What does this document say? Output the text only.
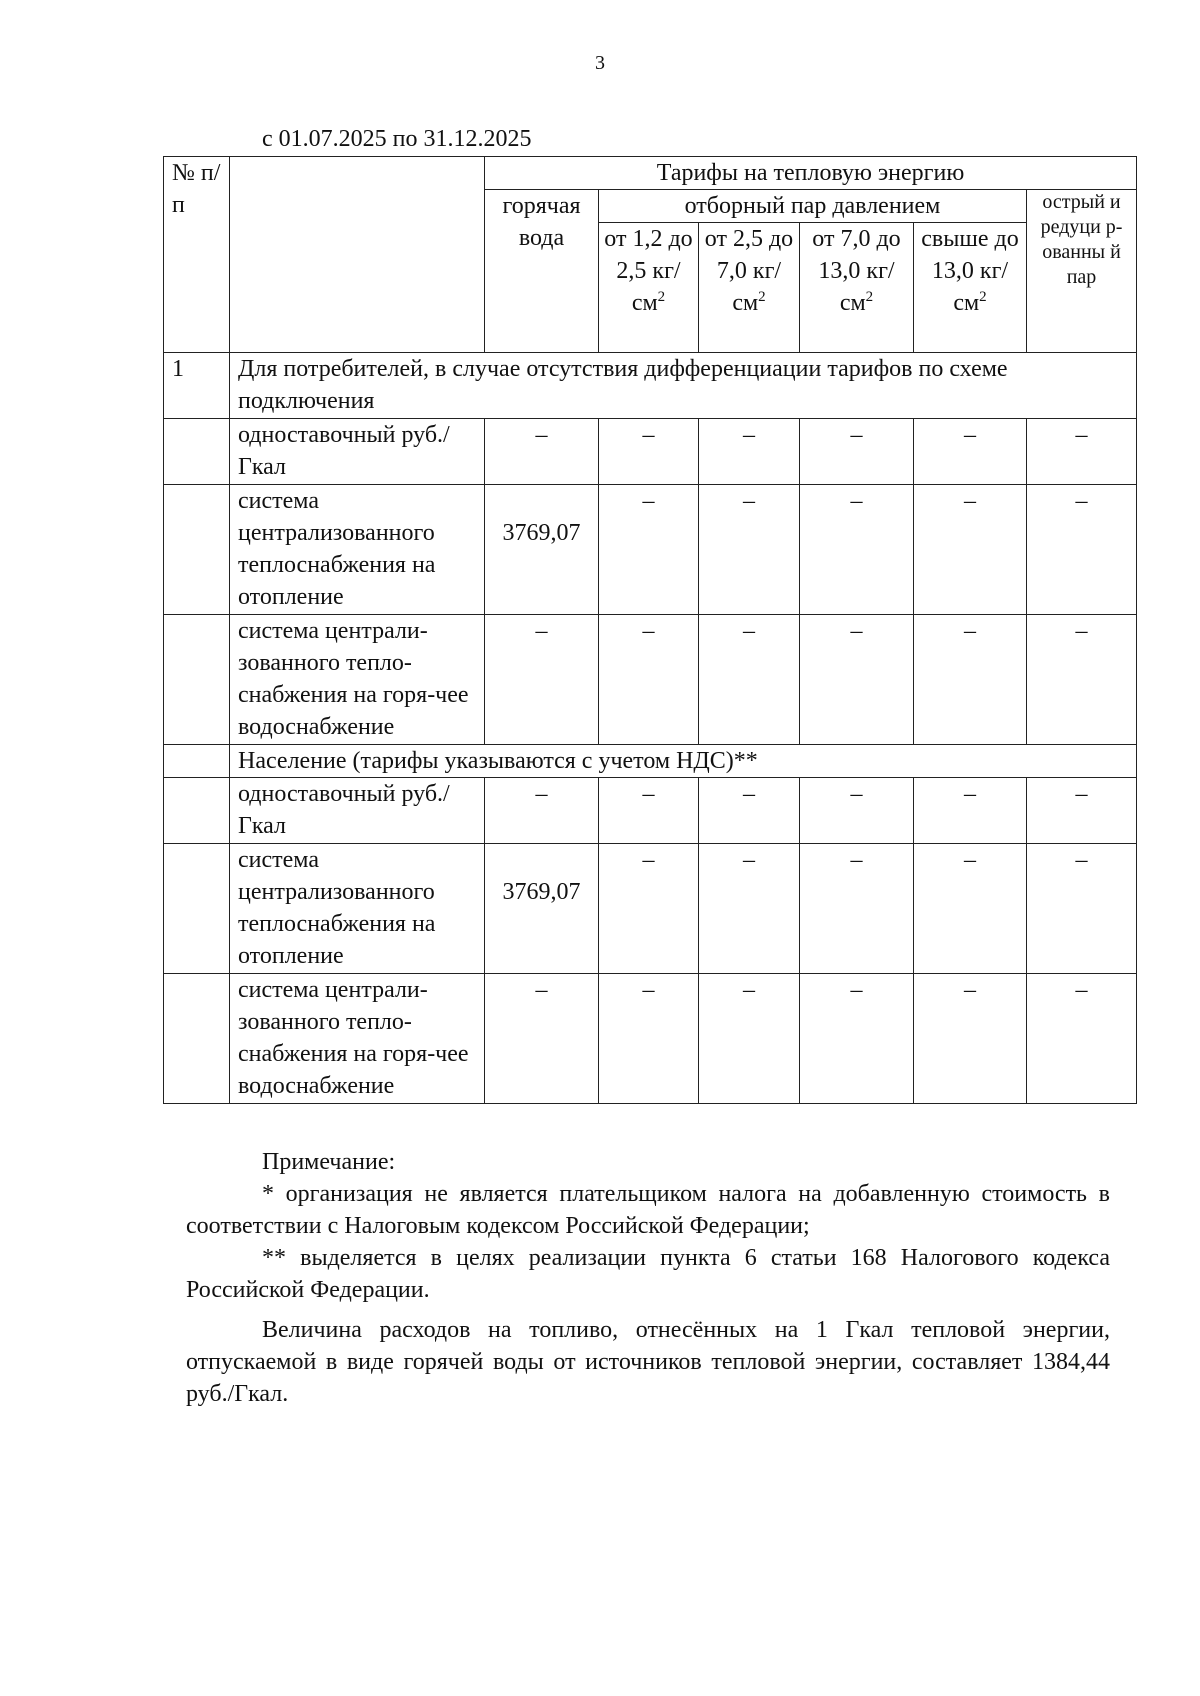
3
с 01.07.2025 по 31.12.2025
№ п/п		Тарифы на тепловую энергию					
		горячая вода	отборный пар давлением				острый и редуци р-ованны й пар
			от 1,2 до 2,5 $кг/см^2$	от 2,5 до 7,0 $кг/см^2$	от 7,0 до 13,0 $кг/см^2$	свыше до 13,0 $кг/см^2$
1	Для потребителей, в случае отсутствия дифференциации тарифов по схеме подключения						
	одноставочный руб./Гкал	–	–	–	–	–	–
	система централизованного теплоснабжения на отопление	3769,07	–	–	–	–	–
	система централи-зованного тепло-снабжения на горя-чее водоснабжение	–	–	–	–	–	–
	Население (тарифы указываются с учетом НДС)**						
	одноставочный руб./Гкал	–	–	–	–	–	–
	система централизованного теплоснабжения на отопление	3769,07	–	–	–	–	–
	система централи-зованного тепло-снабжения на горя-чее водоснабжение	–	–	–	–	–	–

Примечание:

* организация не является плательщиком налога на добавленную стоимость в соответствии с Налоговым кодексом Российской Федерации;

** выделяется в целях реализации пункта 6 статьи 168 Налогового кодекса Российской Федерации.

Величина расходов на топливо, отнесённых на 1 Гкал тепловой энергии, отпускаемой в виде горячей воды от источников тепловой энергии, составляет 1384,44 руб./Гкал.
